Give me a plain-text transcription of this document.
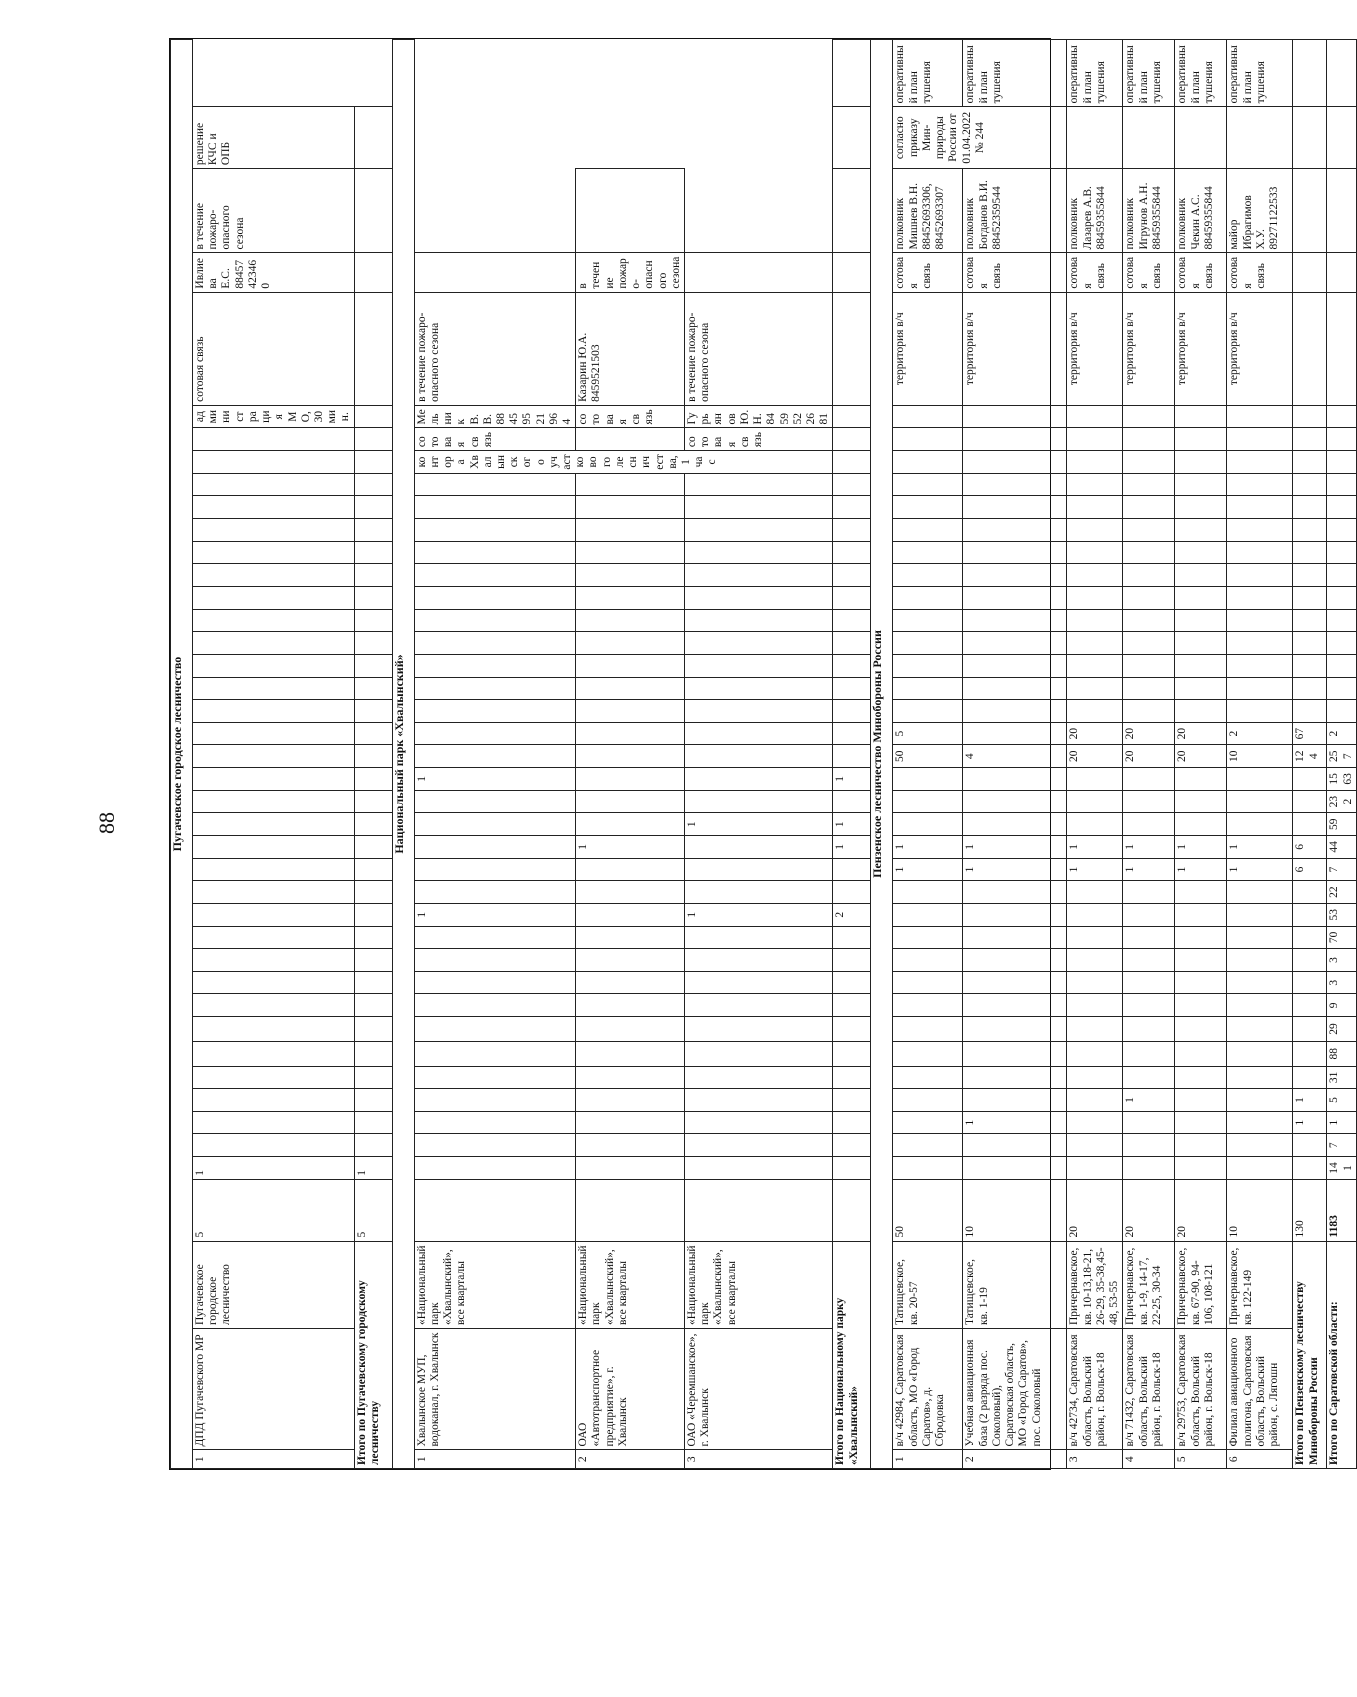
88	Пугачевское городское лесничество																																										
1	ДПД Пугачевского МР	Пугачевское городское лесничество	5	1																																	администрация МО, 30 мин.	сотовая связь	Ивлиева Е.С. 88457423460	в течение пожаро-опасного сезона	решение КЧС и ОПБ	
Итого по Пугачевскому городскому лесничеству			5	1																																						
Национальный парк «Хвалынский»																																										
1	Хвалынское МУП, водоканал, г. Хвалынск	«Национальный парк «Хвалынский», все кварталы													1						1														контора Хвалынского участкового лесничества, 1 час	сотовая связь	Мельник В.В. 88459521964	в течение пожаро-опасного сезона				
2	ОАО «Автотранспортное предприятие», г. Хвалынск	«Национальный парк «Хвалынский», все кварталы																1																			сотовая связь	Казарин Ю.А. 8459521503	в течение пожаро-опасного сезона			
3	ОАО «Черемшанское», г. Хвалынск	«Национальный парк «Хвалынский», все кварталы													1				1																	сотовая связь	Гурьянов Ю.Н. 8459522681	в течение пожаро-опасного сезона				
Итого по Национальному парку «Хвалынский»															2			1	1		1																					
Пензенское лесничество Минобороны России																																										
1	в/ч 42984, Саратовская область, МО «Город Саратов», д. Сбродовка	Татищевское, кв. 20-57	50														1	1				50	5															территория в/ч	сотовая связь	полковник Мишнев В.Н. 88452693306, 88452693307	согласно приказу Мин-природы России от 01.04.2022 № 244	оперативный план тушения
2	Учебная авиационная база (2 разряда пос. Соколовый), Саратовская область, МО «Город Саратов», пос. Соколовый	Татищевское, кв. 1-19	10			1											1	1				4																территория в/ч	сотовая связь	полковник Богданов В.И. 88452359544		оперативный план тушения
3	в/ч 42734, Саратовская область, Вольский район, г. Вольск-18	Причернавское, кв. 10-13,18-21, 26-29, 35-38,45-48, 53-55	20														1	1				20	20															территория в/ч	сотовая связь	полковник Лазарев А.В. 88459355844		оперативный план тушения
4	в/ч 71432, Саратовская область, Вольский район, г. Вольск-18	Причернавское, кв. 1-9, 14-17, 22-25, 30-34	20				1										1	1				20	20															территория в/ч	сотовая связь	полковник Игрунов А.Н. 88459355844		оперативный план тушения
5	в/ч 29753, Саратовская область, Вольский район, г. Вольск-18	Причернавское, кв. 67-90, 94-106, 108-121	20														1	1				20	20															территория в/ч	сотовая связь	полковник Чекин А.С. 88459355844		оперативный план тушения
6	Филиал авиационного полигона, Саратовская область, Вольский район, с. Лягошн	Причернавское, кв. 122-149	10														1	1				10	2															территория в/ч	сотовая связь	майор Ибрагимов Х.У. 89271122533		оперативный план тушения
Итого по Пензенскому лесничеству Минобороны России			130			1	1										6	6				124	67																			
Итого по Саратовской области:			1183	141	7	1	5	31	88	29	9	3	3	70	53	22	7	44	59	232	1563	257	2																			
